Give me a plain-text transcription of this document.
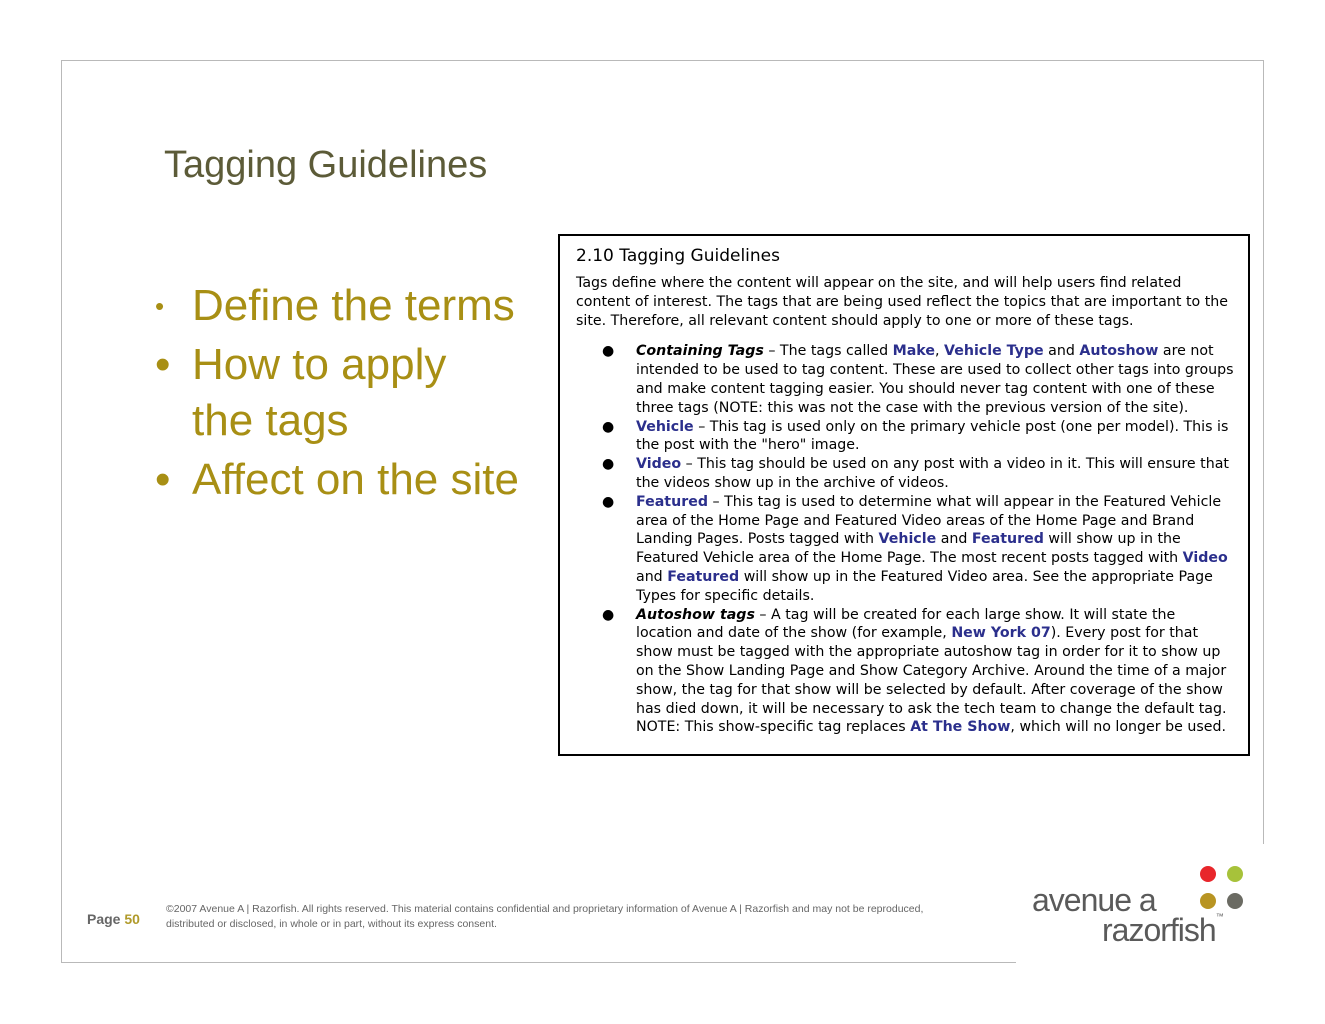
Tagging Guidelines
• Define the terms
• How to apply the tags
• Affect on the site
2.10 Tagging Guidelines

Tags define where the content will appear on the site, and will help users find related content of interest. The tags that are being used reflect the topics that are important to the site. Therefore, all relevant content should apply to one or more of these tags.

● Containing Tags – The tags called Make, Vehicle Type and Autoshow are not intended to be used to tag content. These are used to collect other tags into groups and make content tagging easier. You should never tag content with one of these three tags (NOTE: this was not the case with the previous version of the site).
● Vehicle – This tag is used only on the primary vehicle post (one per model). This is the post with the "hero" image.
● Video – This tag should be used on any post with a video in it. This will ensure that the videos show up in the archive of videos.
● Featured – This tag is used to determine what will appear in the Featured Vehicle area of the Home Page and Featured Video areas of the Home Page and Brand Landing Pages. Posts tagged with Vehicle and Featured will show up in the Featured Vehicle area of the Home Page. The most recent posts tagged with Video and Featured will show up in the Featured Video area. See the appropriate Page Types for specific details.
● Autoshow tags – A tag will be created for each large show. It will state the location and date of the show (for example, New York 07). Every post for that show must be tagged with the appropriate autoshow tag in order for it to show up on the Show Landing Page and Show Category Archive. Around the time of a major show, the tag for that show will be selected by default. After coverage of the show has died down, it will be necessary to ask the tech team to change the default tag. NOTE: This show-specific tag replaces At The Show, which will no longer be used.
Page 50
©2007 Avenue A | Razorfish. All rights reserved. This material contains confidential and proprietary information of Avenue A | Razorfish and may not be reproduced, distributed or disclosed, in whole or in part, without its express consent.
avenue a
razorfish™
